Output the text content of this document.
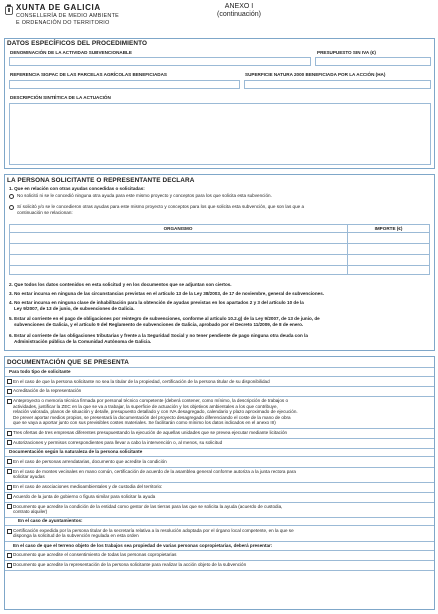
XUNTA DE GALICIA
CONSELLERÍA DE MEDIO AMBIENTE
E ORDENACIÓN DO TERRITORIO
ANEXO I
(continuación)
DATOS ESPECÍFICOS DEL PROCEDIMIENTO
DENOMINACIÓN DE LA ACTIVIDAD SUBVENCIONABLE	PRESUPUESTO SIN IVA (€)
REFERENCIA SIGPAC DE LAS PARCELAS AGRÍCOLAS BENEFICIADAS	SUPERFICIE NATURA 2000 BENEFICIADA POR LA ACCIÓN (HA)
DESCRIPCIÓN SINTÉTICA DE LA ACTUACIÓN
LA PERSONA SOLICITANTE O REPRESENTANTE DECLARA
1. Que en relación con otras ayudas concedidas o solicitadas:
No solicitó ni se le concedió ninguna otra ayuda para este mismo proyecto y conceptos para los que solicita esta subvención.
Sí solicitó y/o se le concedieron otras ayudas para este mismo proyecto y conceptos para los que solicita esta subvención, que son las que a
continuación se relacionan:
ORGANISMO	IMPORTE (€)
2. Que todos los datos contenidos en esta solicitud y en los documentos que se adjuntan son ciertos.
3. No estar incursa en ninguna de las circunstancias previstas en el artículo 13 de la Ley 38/2003, de 17 de noviembre, general de subvenciones.
4. No estar incursa en ninguna clase de inhabilitación para la obtención de ayudas previstas en los apartados 2 y 3 del artículo 10 de la
Ley 9/2007, de 13 de junio, de subvenciones de Galicia.
5. Estar al corriente en el pago de obligaciones por reintegro de subvenciones, conforme al artículo 10.2.g) de la Ley 9/2007, de 13 de junio, de
subvenciones de Galicia, y el artículo 9 del Reglamento de subvenciones de Galicia, aprobado por el Decreto 11/2009, de 8 de enero.
6. Estar al corriente de las obligaciones tributarias y frente a la Seguridad Social y no tener pendiente de pago ninguna otra deuda con la
Administración pública de la Comunidad Autónoma de Galicia.
DOCUMENTACIÓN QUE SE PRESENTA
Para todo tipo de solicitante
En el caso de que la persona solicitante no sea la titular de la propiedad, certificación de la persona titular de su disponibilidad
Acreditación de la representación
Anteproyecto o memoria técnica firmada por personal técnico competente (deberá contener, como mínimo, la descripción de trabajos o
actividades, justificar la ZEC en la que se va a trabajar, la superficie de actuación y los objetivos ambientales a los que contribuye,
relación valorada, planos de situación y detalle, presupuesto detallado y con IVA desagregado, calendario y plazo aproximado de ejecución.
De prever aportar medios propios, se presentará la documentación del proyecto desagregado diferenciando el coste de la mano de obra
que se vaya a aportar junto con sus previsibles costes materiales. Se facilitarán como mínimo los datos indicados en el anexo III)
Tres ofertas de tres empresas diferentes presupuestando la ejecución de aquellas unidades que se prevea ejecutar mediante licitación
Autorizaciones y permisos correspondientes para llevar a cabo la intervención o, al menos, su solicitud
Documentación según la naturaleza de la persona solicitante
En el caso de personas arrendatarias, documento que acredite la condición
En el caso de montes vecinales en mano común, certificación de acuerdo de la asamblea general conforme autoriza a la junta rectora para
solicitar ayudas
En el caso de asociaciones medioambientales y de custodia del territorio:
Acuerdo de la junta de gobierno o figura similar para solicitar la ayuda
Documento que acredite la condición de la entidad como gestor de las tierras para las que se solicita la ayuda (acuerdo de custodia,
contrato alquiler)
En el caso de ayuntamientos:
Certificación expedida por la persona titular de la secretaría relativa a la resolución adoptada por el órgano local competente, en la que se
disponga la solicitud de la subvención regulada en esta orden
En el caso de que el terreno objeto de los trabajos sea propiedad de varias personas copropietarias, deberá presentar:
Documento que acredite el consentimiento de todas las personas copropietarias
Documento que acredite la representación de la persona solicitante para realizar la acción objeto de la subvención
